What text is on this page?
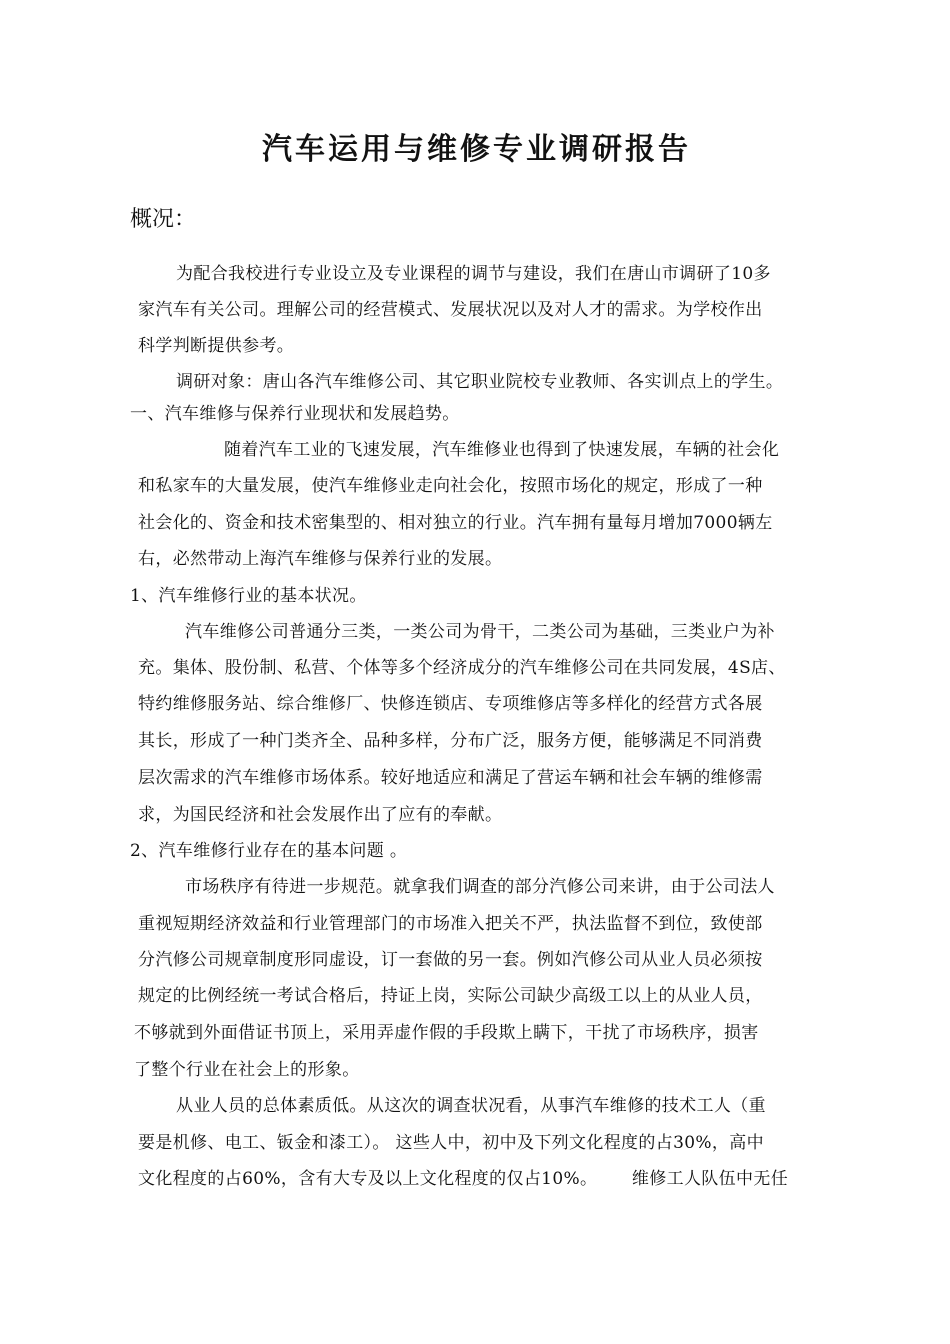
汽车运用与维修专业调研报告
概况：
为配合我校进行专业设立及专业课程的调节与建设，我们在唐山市调研了10多
家汽车有关公司。理解公司的经营模式、发展状况以及对人才的需求。为学校作出
科学判断提供参考。
调研对象：唐山各汽车维修公司、其它职业院校专业教师、各实训点上的学生。
一、汽车维修与保养行业现状和发展趋势。
随着汽车工业的飞速发展，汽车维修业也得到了快速发展，车辆的社会化
和私家车的大量发展，使汽车维修业走向社会化，按照市场化的规定，形成了一种
社会化的、资金和技术密集型的、相对独立的行业。汽车拥有量每月增加7000辆左
右，必然带动上海汽车维修与保养行业的发展。
1、汽车维修行业的基本状况。
汽车维修公司普通分三类，一类公司为骨干，二类公司为基础，三类业户为补
充。集体、股份制、私营、个体等多个经济成分的汽车维修公司在共同发展，4S店、
特约维修服务站、综合维修厂、快修连锁店、专项维修店等多样化的经营方式各展
其长，形成了一种门类齐全、品种多样，分布广泛，服务方便，能够满足不同消费
层次需求的汽车维修市场体系。较好地适应和满足了营运车辆和社会车辆的维修需
求，为国民经济和社会发展作出了应有的奉献。
2、汽车维修行业存在的基本问题 。
市场秩序有待进一步规范。就拿我们调查的部分汽修公司来讲，由于公司法人
重视短期经济效益和行业管理部门的市场准入把关不严，执法监督不到位，致使部
分汽修公司规章制度形同虚设，订一套做的另一套。例如汽修公司从业人员必须按
规定的比例经统一考试合格后，持证上岗，实际公司缺少高级工以上的从业人员，
不够就到外面借证书顶上，采用弄虚作假的手段欺上瞒下，干扰了市场秩序，损害
了整个行业在社会上的形象。
从业人员的总体素质低。从这次的调查状况看，从事汽车维修的技术工人（重
要是机修、电工、钣金和漆工）。 这些人中，初中及下列文化程度的占30%，高中
文化程度的占60%，含有大专及以上文化程度的仅占10%。      维修工人队伍中无任
